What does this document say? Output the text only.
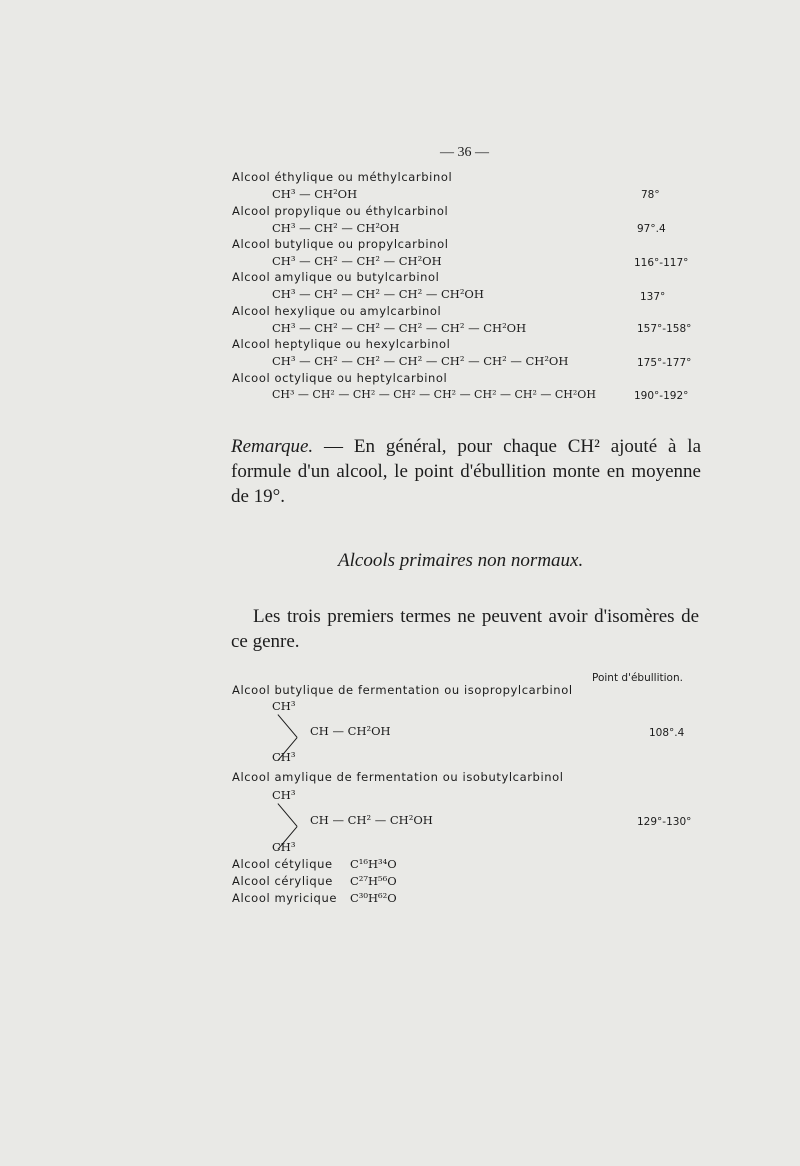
— 36 —
Alcool éthylique ou méthylcarbinol
CH³ — CH²OH	78°
Alcool propylique ou éthylcarbinol
CH³ — CH² — CH²OH	97°.4
Alcool butylique ou propylcarbinol
CH³ — CH² — CH² — CH²OH	116°-117°
Alcool amylique ou butylcarbinol
CH³ — CH² — CH² — CH² — CH²OH	137°
Alcool hexylique ou amylcarbinol
CH³ — CH² — CH² — CH² — CH² — CH²OH	157°-158°
Alcool heptylique ou hexylcarbinol
CH³ — CH² — CH² — CH² — CH² — CH² — CH²OH	175°-177°
Alcool octylique ou heptylcarbinol
CH³ — CH² — CH² — CH² — CH² — CH² — CH² — CH²OH	190°-192°
Remarque. — En général, pour chaque CH² ajouté à la formule d'un alcool, le point d'ébullition monte en moyenne de 19°.
Alcools primaires non normaux.
Les trois premiers termes ne peuvent avoir d'isomères de ce genre.
Point d'ébullition.
Alcool butylique de fermentation ou isopropylcarbinol
CH³
CH — CH²OH
CH³
108°.4
Alcool amylique de fermentation ou isobutylcarbinol
CH³
CH — CH² — CH²OH
CH³
129°-130°
Alcool cétylique C¹⁶H³⁴O
Alcool cérylique C²⁷H⁵⁶O
Alcool myricique C³⁰H⁶²O
